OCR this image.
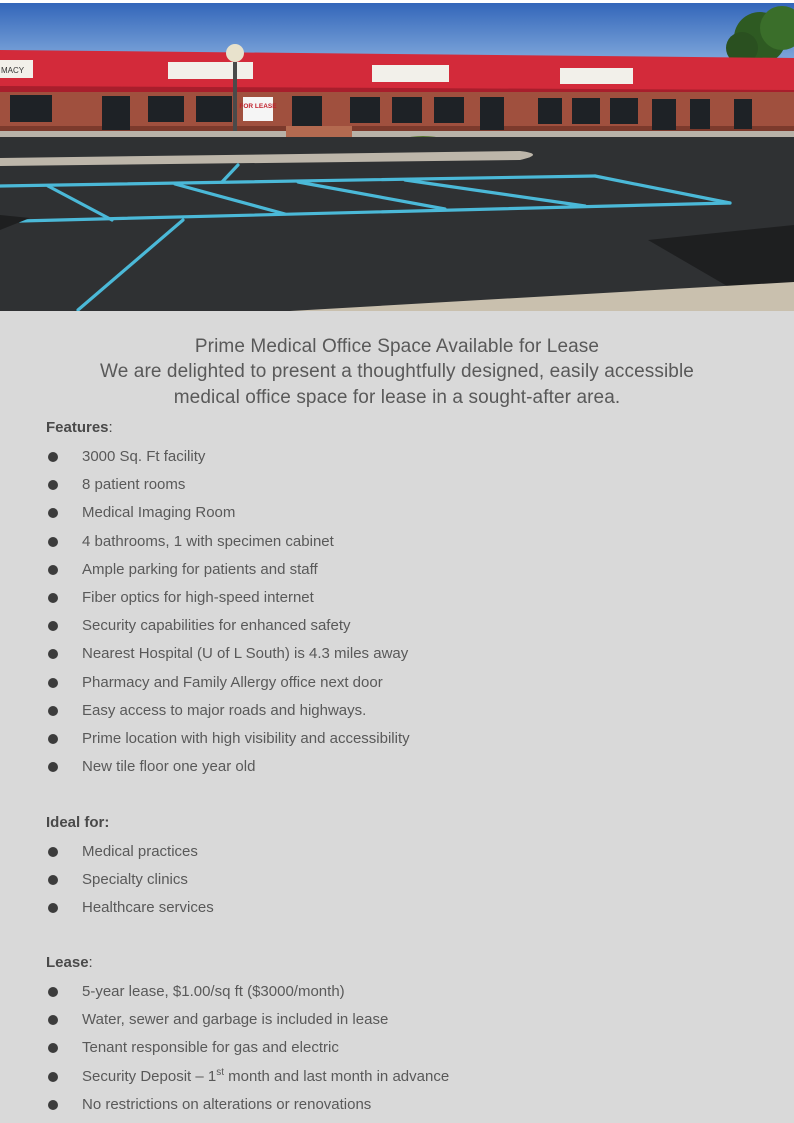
MACY
FOR LEASE
Prime Medical Office Space Available for Lease
We are delighted to present a thoughtfully designed, easily accessible
medical office space for lease in a sought-after area.
Features:
3000 Sq. Ft facility
8 patient rooms
Medical Imaging Room
4 bathrooms, 1 with specimen cabinet
Ample parking for patients and staff
Fiber optics for high-speed internet
Security capabilities for enhanced safety
Nearest Hospital (U of L South) is 4.3 miles away
Pharmacy and Family Allergy office next door
Easy access to major roads and highways.
Prime location with high visibility and accessibility
New tile floor one year old
Ideal for:
Medical practices
Specialty clinics
Healthcare services
Lease:
5-year lease, $1.00/sq ft ($3000/month)
Water, sewer and garbage is included in lease
Tenant responsible for gas and electric
Security Deposit – 1st month and last month in advance
No restrictions on alterations or renovations
